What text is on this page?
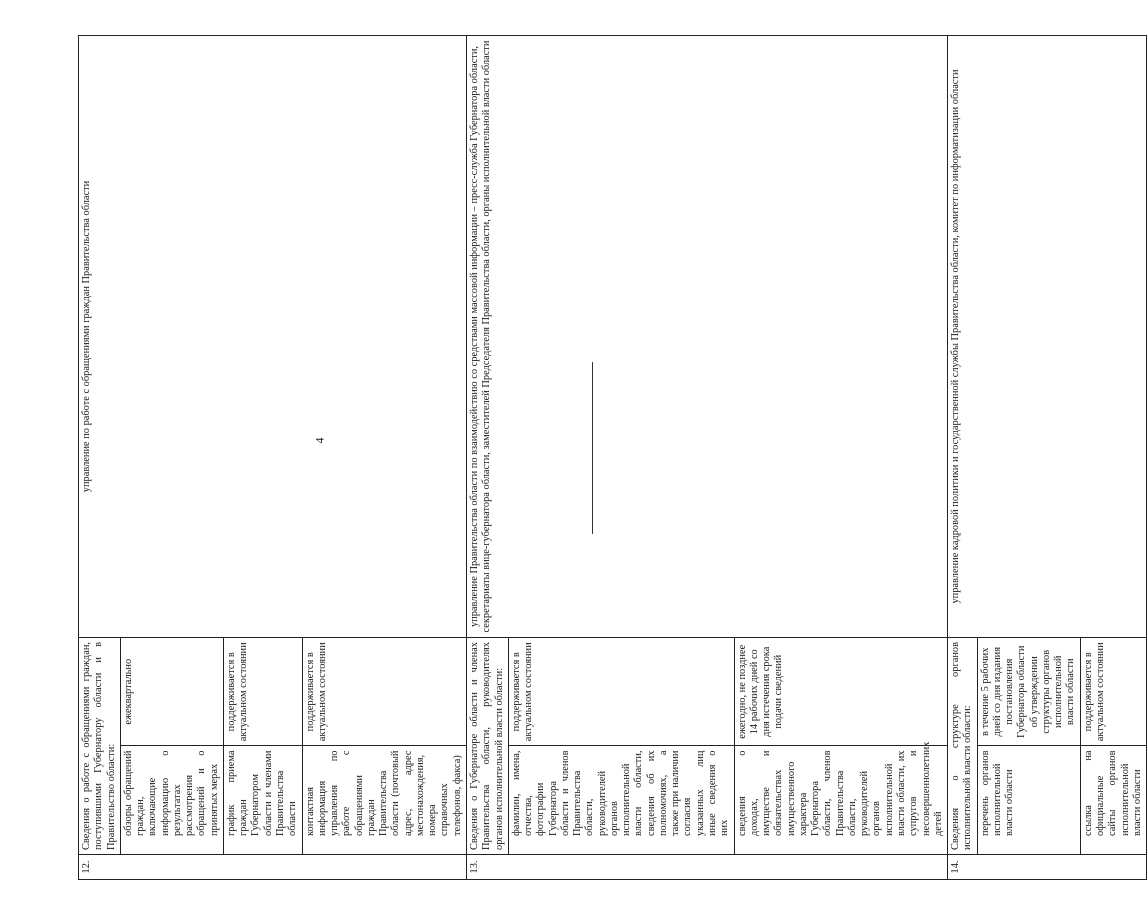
4
12.	Сведения о работе с обращениями граждан, поступившими Губернатору области и в Правительство области:		управление по работе с обращениями граждан Правительства области
	обзоры обращений граждан, включающие информацию о результатах рассмотрения обращений и о принятых мерах	ежеквартально	
	график приема граждан Губернатором области и членами Правительства области	поддерживается в актуальном состоянии	
	контактная информация управления по работе с обращениями граждан Правительства области (почтовый адрес, адрес местонахождения, номера справочных телефонов, факса)	поддерживается в актуальном состоянии	
13.	Сведения о Губернаторе области и членах Правительства области, руководителях органов исполнительной власти области:		управление Правительства области по взаимодействию со средствами массовой информации – пресс-служба Губернатора области, секретариаты вице-губернатора области, заместителей Председателя Правительства области, органы исполнительной власти области
	фамилии, имена, отчества, фотографии Губернатора области и членов Правительства области, руководителей органов исполнительной власти области, сведения об их полномочиях, а также при наличии согласия указанных лиц иные сведения о них	поддерживается в актуальном состоянии	
	сведения о доходах, имуществе и обязательствах имущественного характера Губернатора области, членов Правительства области, руководителей органов исполнительной власти области, их супругов и несовершеннолетних детей	ежегодно, не позднее 14 рабочих дней со дня истечения срока подачи сведений	
14.	Сведения о структуре органов исполнительной власти области:		управление кадровой политики и государственной службы Правительства области, комитет по информатизации области
	перечень органов исполнительной власти области	в течение 5 рабочих дней со дня издания постановления Губернатора области об утверждении структуры органов исполнительной власти области	
	ссылка на официальные сайты органов исполнительной власти области	поддерживается в актуальном состоянии	
